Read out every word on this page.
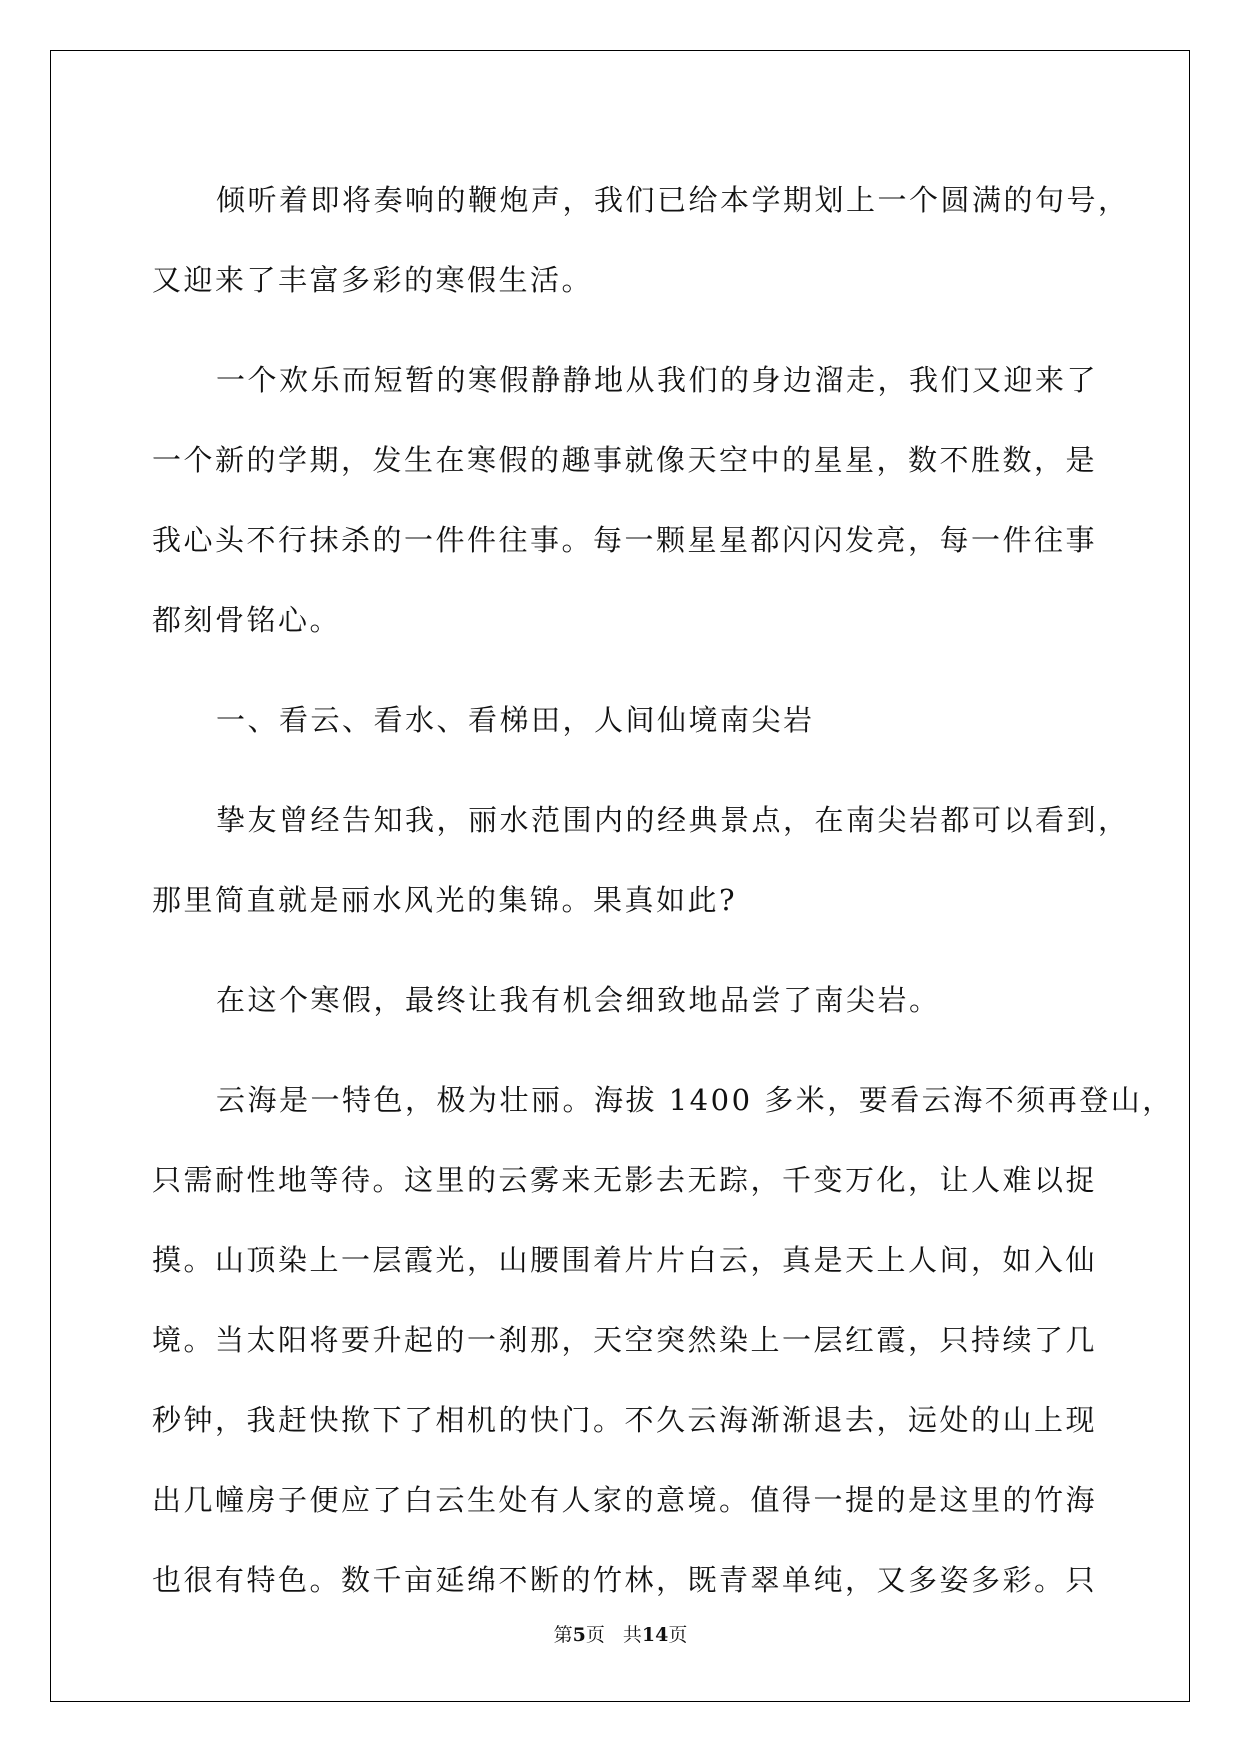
倾听着即将奏响的鞭炮声，我们已给本学期划上一个圆满的句号，
又迎来了丰富多彩的寒假生活。
一个欢乐而短暂的寒假静静地从我们的身边溜走，我们又迎来了
一个新的学期，发生在寒假的趣事就像天空中的星星，数不胜数，是
我心头不行抹杀的一件件往事。每一颗星星都闪闪发亮，每一件往事
都刻骨铭心。
一、看云、看水、看梯田，人间仙境南尖岩
挚友曾经告知我，丽水范围内的经典景点，在南尖岩都可以看到，
那里简直就是丽水风光的集锦。果真如此?
在这个寒假，最终让我有机会细致地品尝了南尖岩。
云海是一特色，极为壮丽。海拔 1400 多米，要看云海不须再登山，
只需耐性地等待。这里的云雾来无影去无踪，千变万化，让人难以捉
摸。山顶染上一层霞光，山腰围着片片白云，真是天上人间，如入仙
境。当太阳将要升起的一刹那，天空突然染上一层红霞，只持续了几
秒钟，我赶快揿下了相机的快门。不久云海渐渐退去，远处的山上现
出几幢房子便应了白云生处有人家的意境。值得一提的是这里的竹海
也很有特色。数千亩延绵不断的竹林，既青翠单纯，又多姿多彩。只
第5页 共14页
